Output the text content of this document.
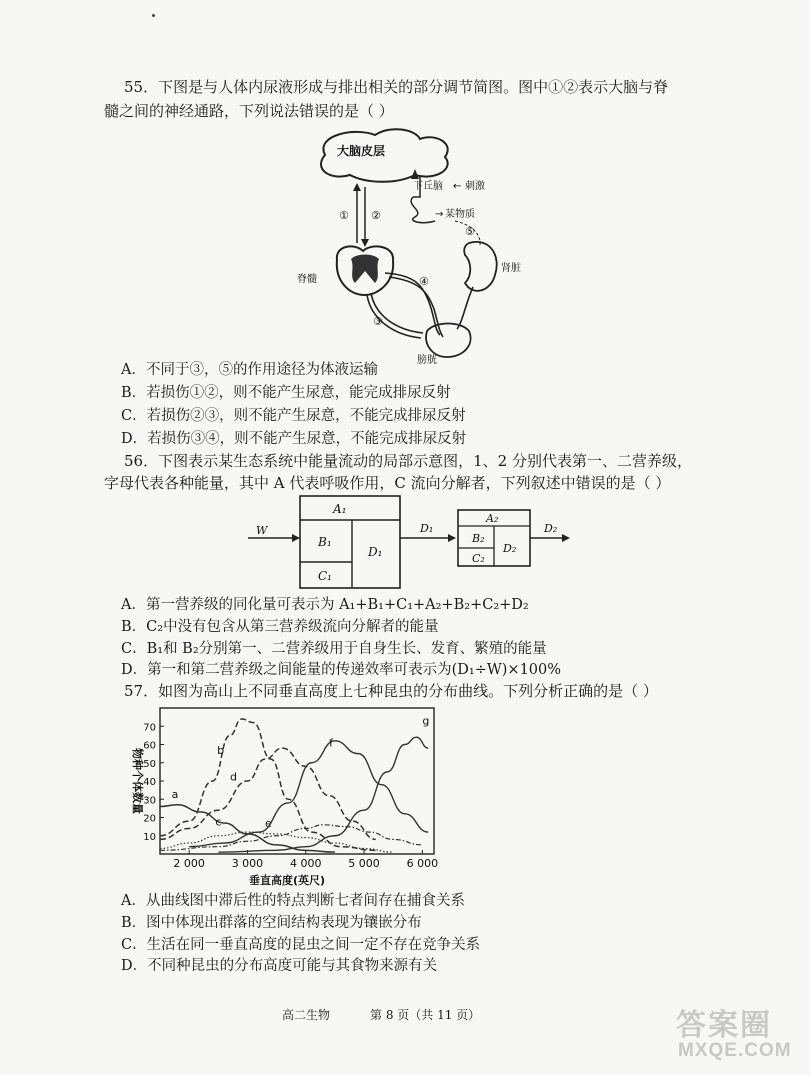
55．下图是与人体内尿液形成与排出相关的部分调节简图。图中①②表示大脑与脊
髓之间的神经通路，下列说法错误的是（ ）
大脑皮层
下丘脑 ← 刺激
→ 某物质
⑤
① ②
脊髓
肾脏
④
③
膀胱
A．不同于③，⑤的作用途径为体液运输
B．若损伤①②，则不能产生尿意，能完成排尿反射
C．若损伤②③，则不能产生尿意，不能完成排尿反射
D．若损伤③④，则不能产生尿意，不能完成排尿反射
56．下图表示某生态系统中能量流动的局部示意图，1、2 分别代表第一、二营养级，
字母代表各种能量，其中 A 代表呼吸作用，C 流向分解者，下列叙述中错误的是（ ）
W
A₁
B₁
C₁
D₁
D₁
A₂
B₂
C₂
D₂
D₂
A．第一营养级的同化量可表示为 A₁+B₁+C₁+A₂+B₂+C₂+D₂
B．C₂中没有包含从第三营养级流向分解者的能量
C．B₁和 B₂分别第一、二营养级用于自身生长、发育、繁殖的能量
D．第一和第二营养级之间能量的传递效率可表示为(D₁÷W)×100%
57．如图为高山上不同垂直高度上七种昆虫的分布曲线。下列分析正确的是（ ）
10
20
30
40
50
60
70
2 000 3 000 4 000 5 000 6 000
垂直高度(英尺)
物种个体数量	a
b
c
d
e
f
g
A．从曲线图中滞后性的特点判断七者间存在捕食关系
B．图中体现出群落的空间结构表现为镶嵌分布
C．生活在同一垂直高度的昆虫之间一定不存在竞争关系
D．不同种昆虫的分布高度可能与其食物来源有关
高二生物	第 8 页（共 11 页）	答案圈
MXQE.COM
